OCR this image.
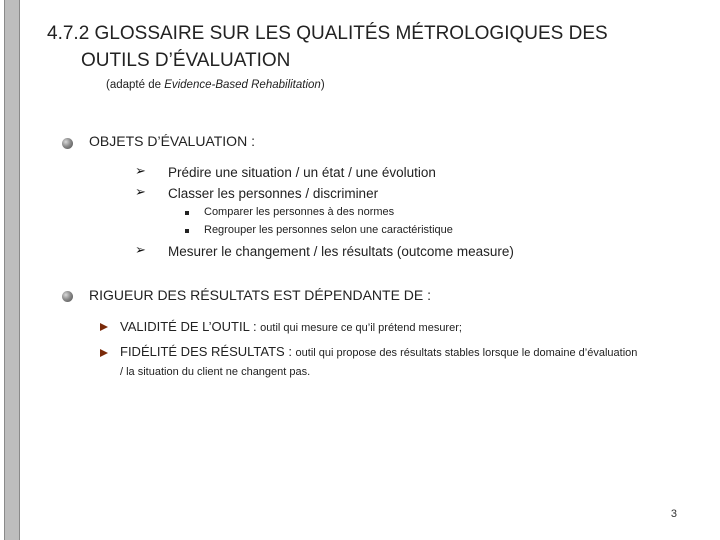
4.7.2 GLOSSAIRE SUR LES QUALITÉS MÉTROLOGIQUES DES
OUTILS D’ÉVALUATION
(adapté de Evidence-Based Rehabilitation)
OBJETS D’ÉVALUATION :
➢ Prédire une situation / un état / une évolution
➢ Classer les personnes / discriminer
Comparer les personnes à des normes
Regrouper les personnes selon une caractéristique
➢ Mesurer le changement / les résultats (outcome measure)
RIGUEUR DES RÉSULTATS EST DÉPENDANTE DE :
VALIDITÉ DE L’OUTIL : outil qui mesure ce qu’il prétend mesurer;
FIDÉLITÉ DES RÉSULTATS : outil qui propose des résultats stables lorsque le domaine d’évaluation / la situation du client ne changent pas.
3
